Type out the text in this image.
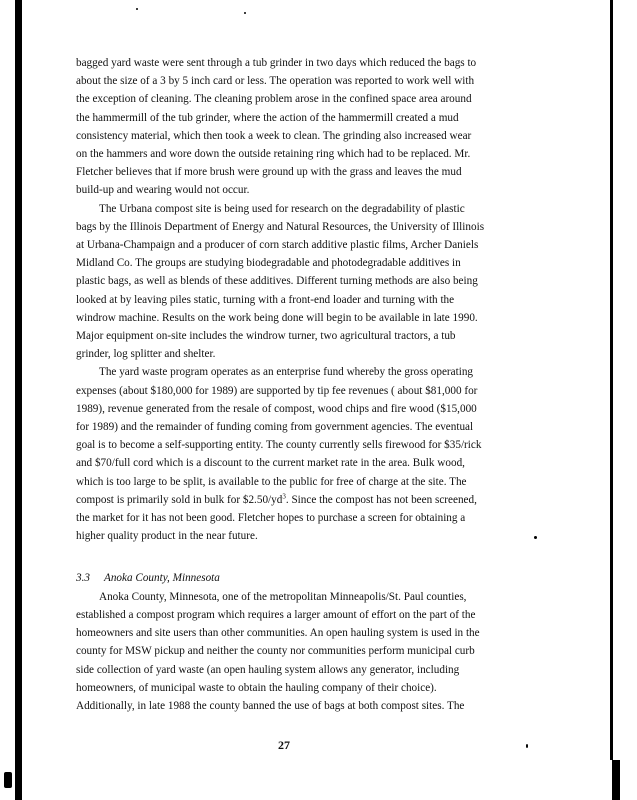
bagged yard waste were sent through a tub grinder in two days which reduced the bags to
about the size of a 3 by 5 inch card or less. The operation was reported to work well with
the exception of cleaning. The cleaning problem arose in the confined space area around
the hammermill of the tub grinder, where the action of the hammermill created a mud
consistency material, which then took a week to clean. The grinding also increased wear
on the hammers and wore down the outside retaining ring which had to be replaced. Mr.
Fletcher believes that if more brush were ground up with the grass and leaves the mud
build-up and wearing would not occur.
The Urbana compost site is being used for research on the degradability of plastic
bags by the Illinois Department of Energy and Natural Resources, the University of Illinois
at Urbana-Champaign and a producer of corn starch additive plastic films, Archer Daniels
Midland Co. The groups are studying biodegradable and photodegradable additives in
plastic bags, as well as blends of these additives. Different turning methods are also being
looked at by leaving piles static, turning with a front-end loader and turning with the
windrow machine. Results on the work being done will begin to be available in late 1990.
Major equipment on-site includes the windrow turner, two agricultural tractors, a tub
grinder, log splitter and shelter.
The yard waste program operates as an enterprise fund whereby the gross operating
expenses (about $180,000 for 1989) are supported by tip fee revenues ( about $81,000 for
1989), revenue generated from the resale of compost, wood chips and fire wood ($15,000
for 1989) and the remainder of funding coming from government agencies. The eventual
goal is to become a self-supporting entity. The county currently sells firewood for $35/rick
and $70/full cord which is a discount to the current market rate in the area. Bulk wood,
which is too large to be split, is available to the public for free of charge at the site. The
compost is primarily sold in bulk for $\$2.50/yd^3$. Since the compost has not been screened,
the market for it has not been good. Fletcher hopes to purchase a screen for obtaining a
higher quality product in the near future.
3.3 Anoka County, Minnesota
Anoka County, Minnesota, one of the metropolitan Minneapolis/St. Paul counties,
established a compost program which requires a larger amount of effort on the part of the
homeowners and site users than other communities. An open hauling system is used in the
county for MSW pickup and neither the county nor communities perform municipal curb
side collection of yard waste (an open hauling system allows any generator, including
homeowners, of municipal waste to obtain the hauling company of their choice).
Additionally, in late 1988 the county banned the use of bags at both compost sites. The
27
